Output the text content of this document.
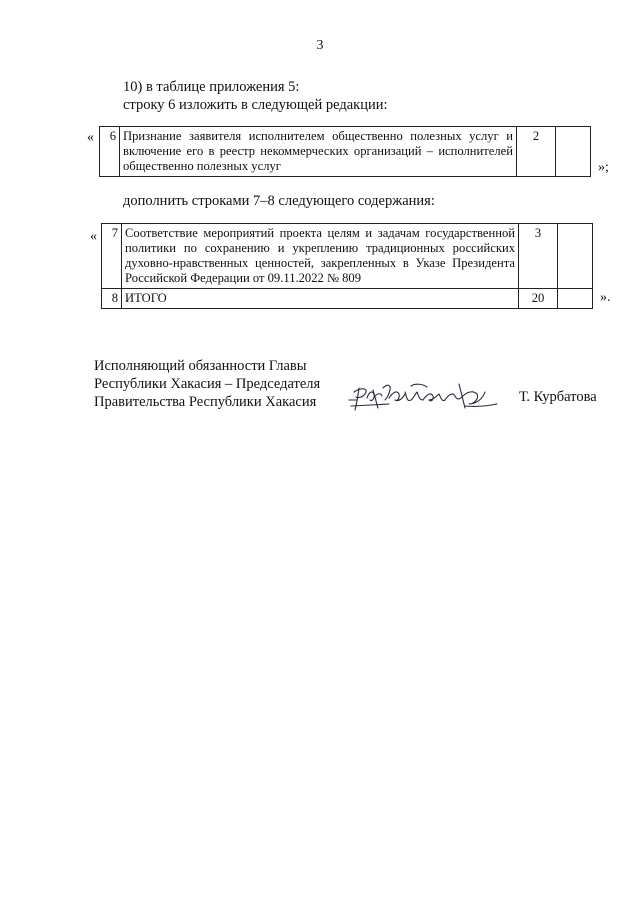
3
10) в таблице приложения 5:
строку 6 изложить в следующей редакции:
« 6	Признание заявителя исполнителем общественно полезных услуг и включение его в реестр некоммерческих организаций – исполнителей общественно полезных услуг	2	
»;
дополнить строками 7–8 следующего содержания:
« 7	Соответствие мероприятий проекта целям и задачам государственной политики по сохранению и укреплению традиционных российских духовно-нравственных ценностей, закрепленных в Указе Президента Российской Федерации от 09.11.2022 № 809	3	
8	ИТОГО	20		».
Исполняющий обязанности Главы
Республики Хакасия – Председателя
Правительства Республики Хакасия	Т. Курбатова
